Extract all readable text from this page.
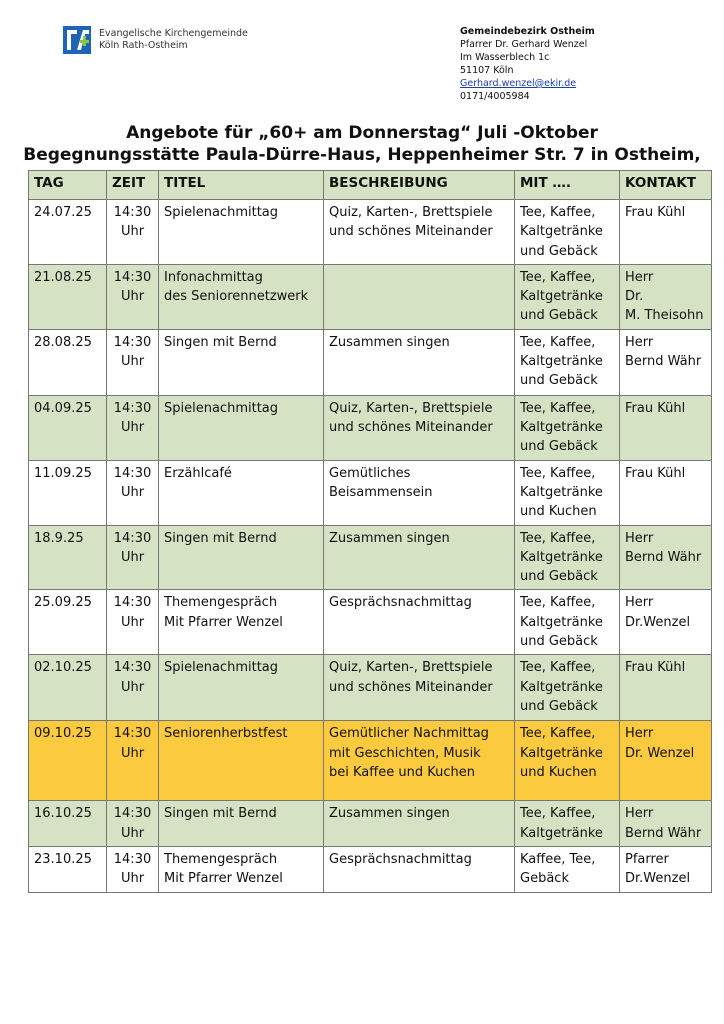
Evangelische Kirchengemeinde
Köln Rath-Ostheim
Gemeindebezirk Ostheim
Pfarrer Dr. Gerhard Wenzel
Im Wasserblech 1c
51107 Köln
Gerhard.wenzel@ekir.de
0171/4005984
Angebote für „60+ am Donnerstag“ Juli -Oktober
Begegnungsstätte Paula-Dürre-Haus, Heppenheimer Str. 7 in Ostheim,
TAG	ZEIT	TITEL	BESCHREIBUNG	MIT ….	KONTAKT
24.07.25	14:30
Uhr	Spielenachmittag	Quiz, Karten-, Brettspiele
und schönes Miteinander	Tee, Kaffee,
Kaltgetränke
und Gebäck	Frau Kühl

21.08.25	14:30
Uhr	Infonachmittag
des Seniorennetzwerk		Tee, Kaffee,
Kaltgetränke
und Gebäck	Herr
Dr.
M. Theisohn

28.08.25	14:30
Uhr	Singen mit Bernd	Zusammen singen	Tee, Kaffee,
Kaltgetränke
und Gebäck	Herr
Bernd Währ

04.09.25	14:30
Uhr	Spielenachmittag	Quiz, Karten-, Brettspiele
und schönes Miteinander	Tee, Kaffee,
Kaltgetränke
und Gebäck	Frau Kühl

11.09.25	14:30
Uhr	Erzählcafé	Gemütliches
Beisammensein	Tee, Kaffee,
Kaltgetränke
und Kuchen	Frau Kühl

18.9.25	14:30
Uhr	Singen mit Bernd	Zusammen singen	Tee, Kaffee,
Kaltgetränke
und Gebäck	Herr
Bernd Währ

25.09.25	14:30
Uhr	Themengespräch
Mit Pfarrer Wenzel	Gesprächsnachmittag	Tee, Kaffee,
Kaltgetränke
und Gebäck	Herr
Dr.Wenzel

02.10.25	14:30
Uhr	Spielenachmittag	Quiz, Karten-, Brettspiele
und schönes Miteinander	Tee, Kaffee,
Kaltgetränke
und Gebäck	Frau Kühl

09.10.25	14:30
Uhr	Seniorenherbstfest	Gemütlicher Nachmittag
mit Geschichten, Musik
bei Kaffee und Kuchen	Tee, Kaffee,
Kaltgetränke
und Kuchen	Herr
Dr. Wenzel

16.10.25	14:30
Uhr	Singen mit Bernd	Zusammen singen	Tee, Kaffee,
Kaltgetränke	Herr
Bernd Währ

23.10.25	14:30
Uhr	Themengespräch
Mit Pfarrer Wenzel	Gesprächsnachmittag	Kaffee, Tee,
Gebäck	Pfarrer
Dr.Wenzel
